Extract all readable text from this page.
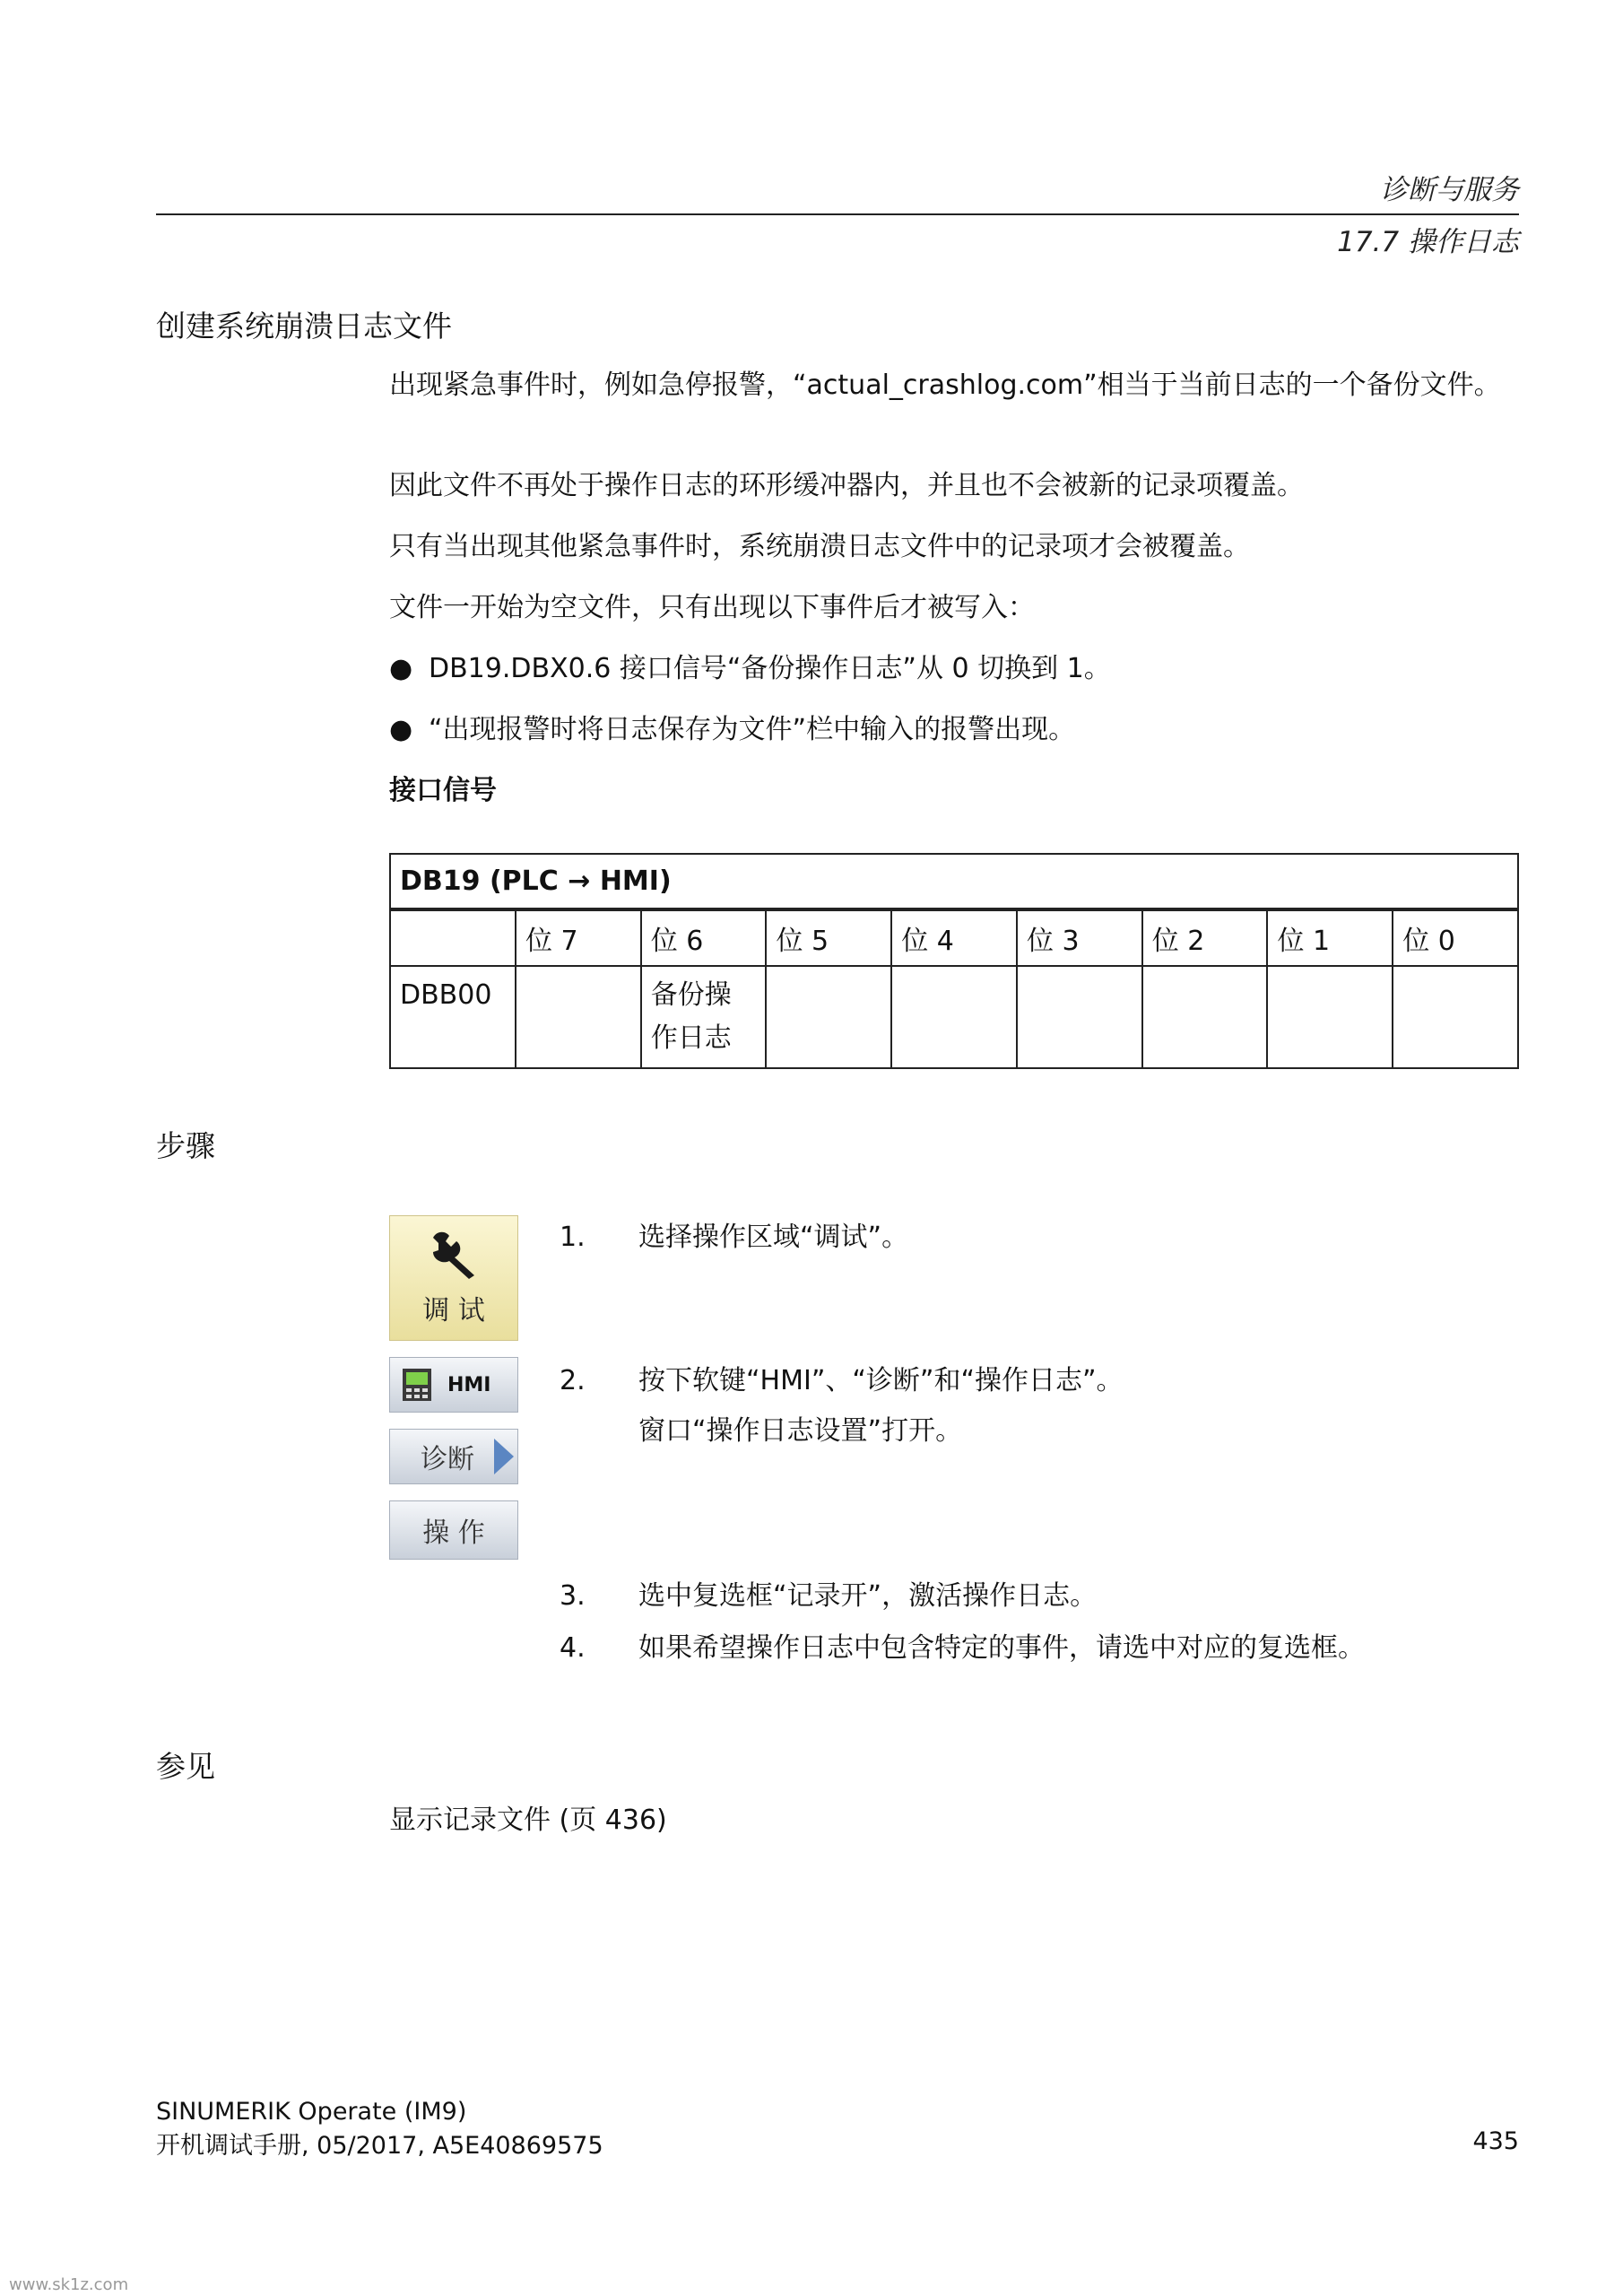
诊断与服务
17.7 操作日志
创建系统崩溃日志文件

出现紧急事件时，例如急停报警，“actual_crashlog.com”相当于当前日志的一个备份文件。

因此文件不再处于操作日志的环形缓冲器内，并且也不会被新的记录项覆盖。

只有当出现其他紧急事件时，系统崩溃日志文件中的记录项才会被覆盖。

文件一开始为空文件，只有出现以下事件后才被写入：

● DB19.DBX0.6 接口信号“备份操作日志”从 0 切换到 1。
● “出现报警时将日志保存为文件”栏中输入的报警出现。
接口信号
DB19 (PLC → HMI)								
	位 7	位 6	位 5	位 4	位 3	位 2	位 1	位 0
DBB00		备份操作日志						
步骤
调 试
HMI
诊断
操 作
1.	选择操作区域“调试”。
2.	按下软键“HMI”、“诊断”和“操作日志”。
窗口“操作日志设置”打开。
3.	选中复选框“记录开”，激活操作日志。
4.	如果希望操作日志中包含特定的事件，请选中对应的复选框。
参见
显示记录文件 (页 436)
SINUMERIK Operate (IM9)
开机调试手册, 05/2017, A5E40869575	435
www.sk1z.com
